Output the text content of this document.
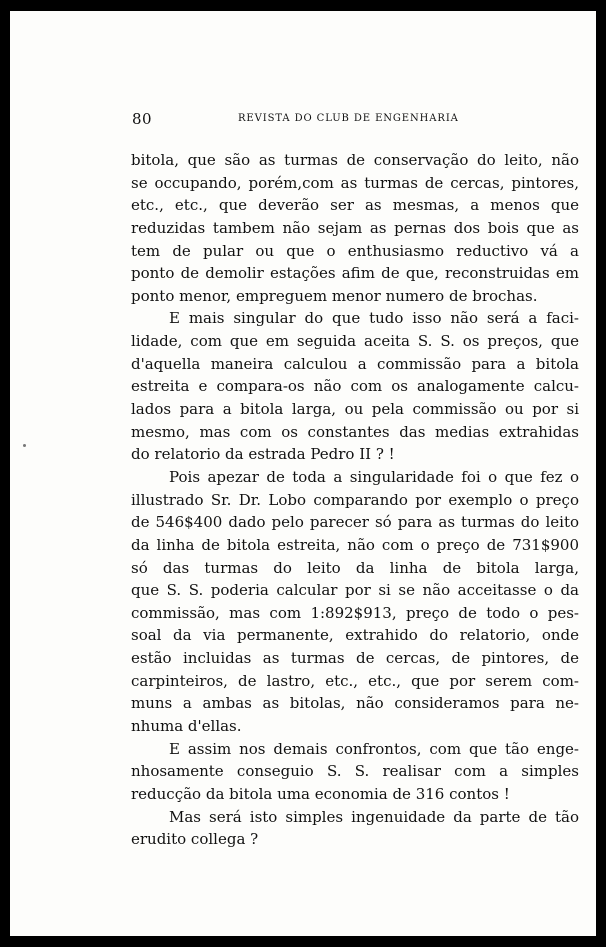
80	REVISTA DO CLUB DE ENGENHARIA
bitola, que são as turmas de conservação do leito, não
se occupando, porém,com as turmas de cercas, pintores,
etc., etc., que deverão ser as mesmas, a menos que
reduzidas tambem não sejam as pernas dos bois que as
tem de pular ou que o enthusiasmo reductivo vá a
ponto de demolir estações afim de que, reconstruidas em
ponto menor, empreguem menor numero de brochas.
E mais singular do que tudo isso não será a faci-
lidade, com que em seguida aceita S. S. os preços, que
d'aquella maneira calculou a commissão para a bitola
estreita e compara-os não com os analogamente calcu-
lados para a bitola larga, ou pela commissão ou por si
mesmo, mas com os constantes das medias extrahidas
do relatorio da estrada Pedro II ? !
Pois apezar de toda a singularidade foi o que fez o
illustrado Sr. Dr. Lobo comparando por exemplo o preço
de 546$400 dado pelo parecer só para as turmas do leito
da linha de bitola estreita, não com o preço de 731$900
só das turmas do leito da linha de bitola larga,
que S. S. poderia calcular por si se não acceitasse o da
commissão, mas com 1:892$913, preço de todo o pes-
soal da via permanente, extrahido do relatorio, onde
estão incluidas as turmas de cercas, de pintores, de
carpinteiros, de lastro, etc., etc., que por serem com-
muns a ambas as bitolas, não consideramos para ne-
nhuma d'ellas.
E assim nos demais confrontos, com que tão enge-
nhosamente conseguio S. S. realisar com a simples
reducção da bitola uma economia de 316 contos !
Mas será isto simples ingenuidade da parte de tão
erudito collega ?
